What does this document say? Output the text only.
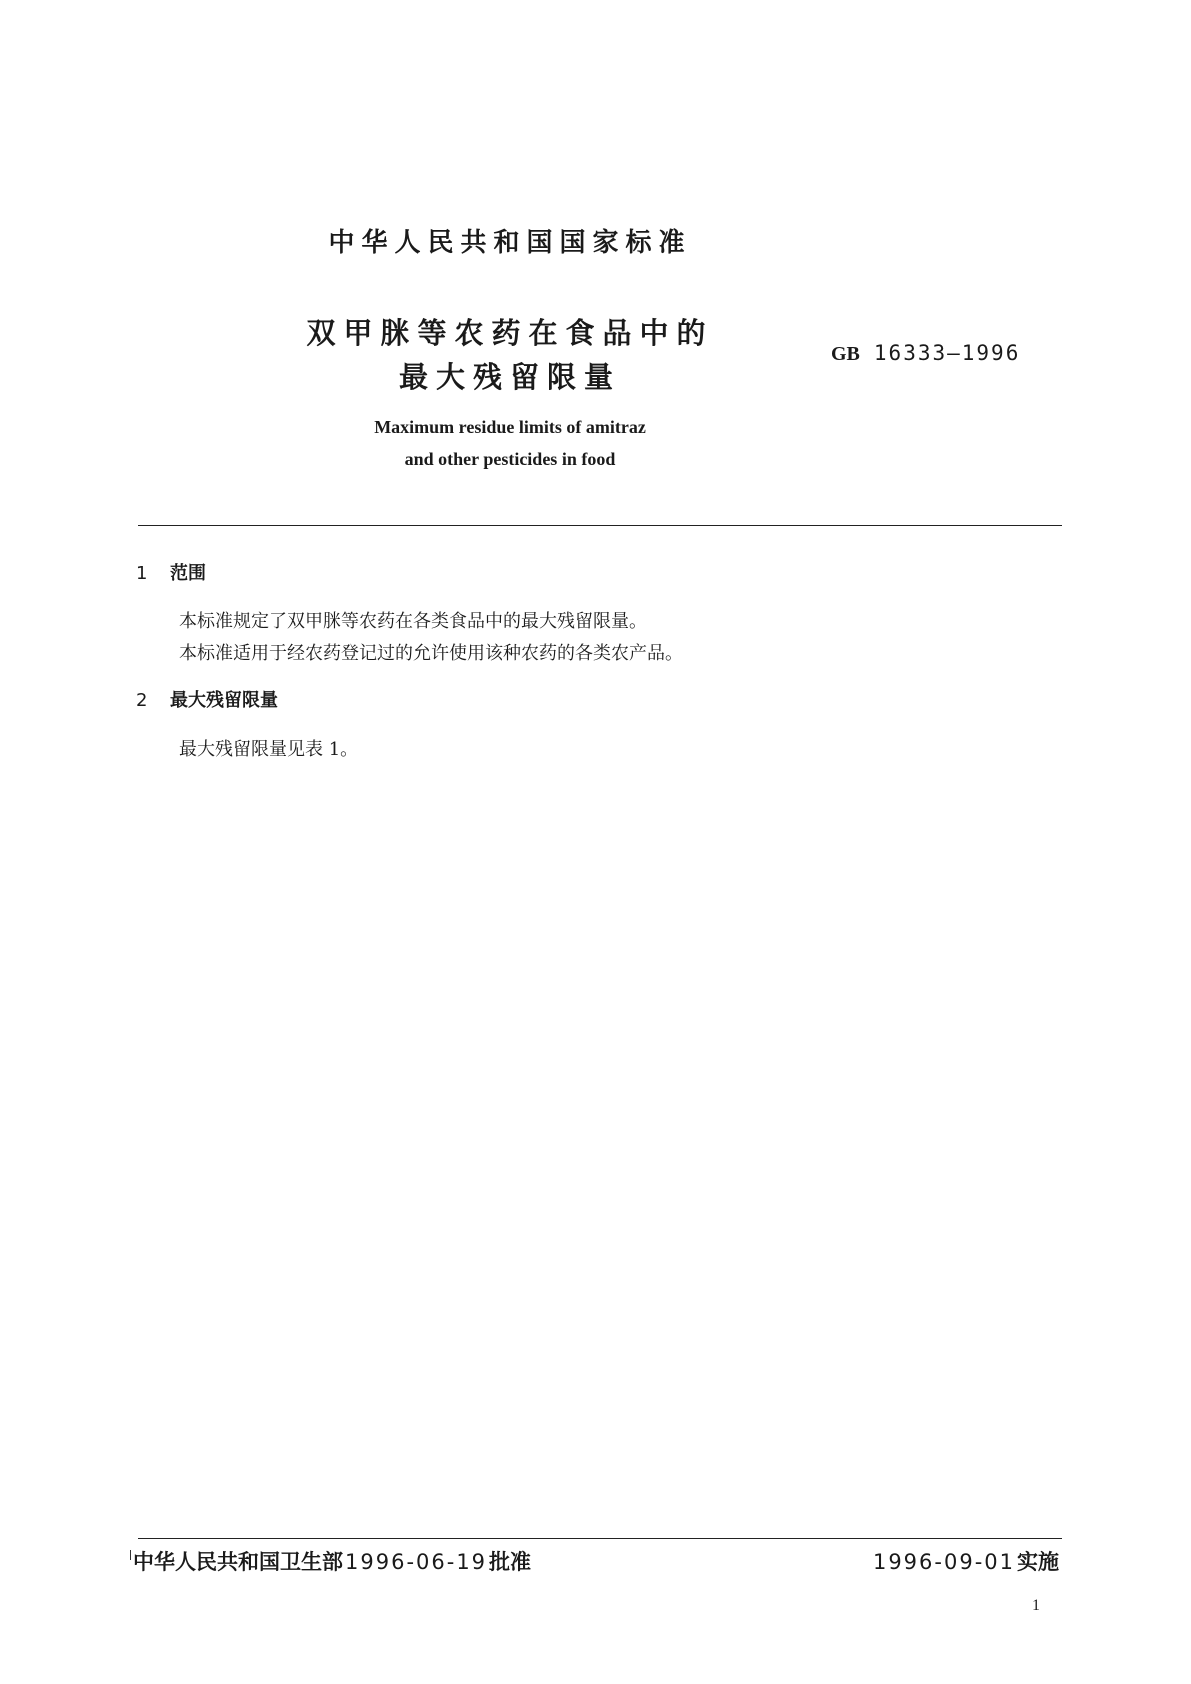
中华人民共和国国家标准
双甲脒等农药在食品中的
最大残留限量
GB 16333—1996
Maximum residue limits of amitraz
and other pesticides in food
1 范围
本标准规定了双甲脒等农药在各类食品中的最大残留限量。
本标准适用于经农药登记过的允许使用该种农药的各类农产品。
2 最大残留限量
最大残留限量见表 1。
中华人民共和国卫生部1996-06-19批准	1996-09-01实施
1
